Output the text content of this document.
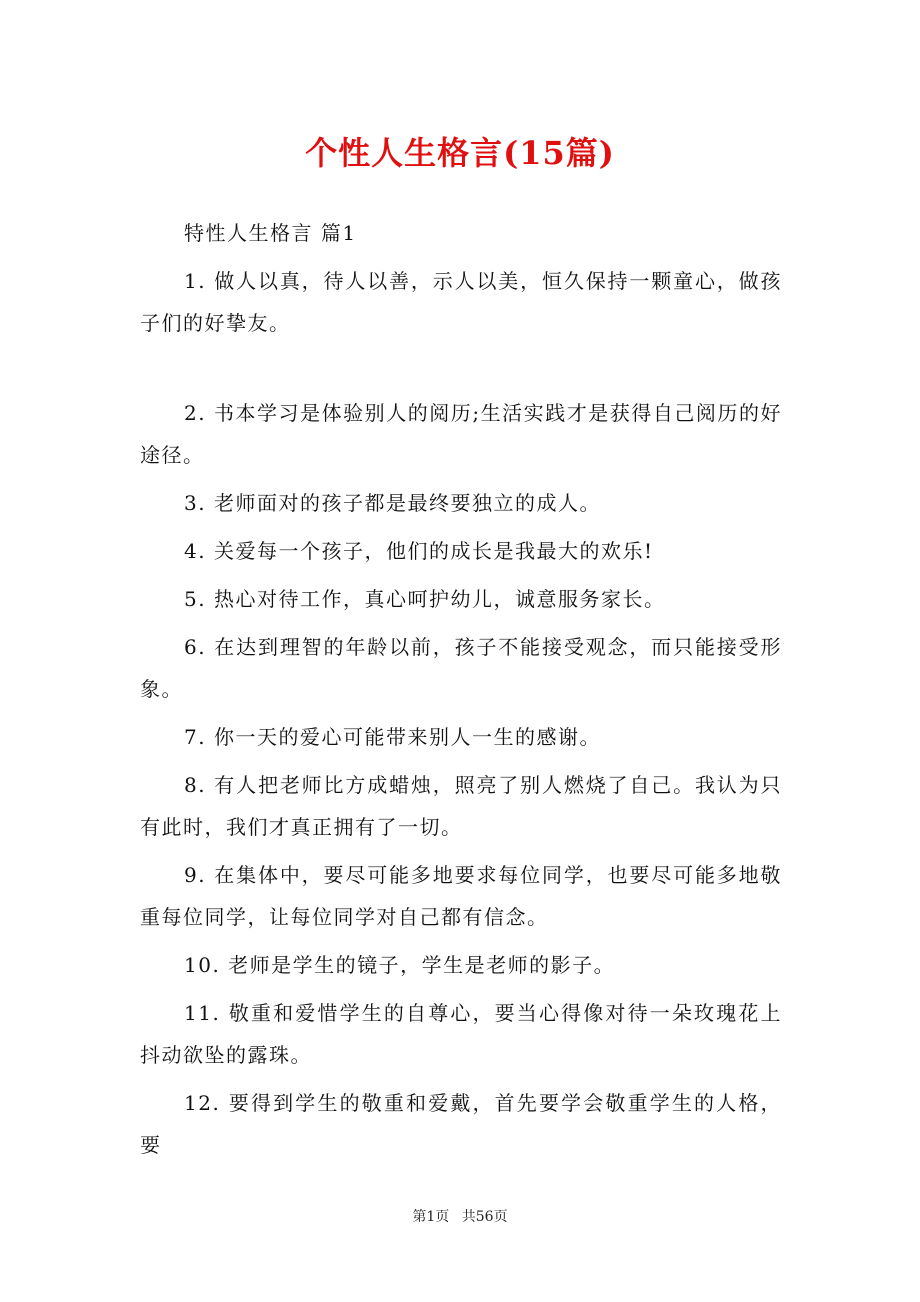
个性人生格言(15篇)

特性人生格言 篇1

1. 做人以真，待人以善，示人以美，恒久保持一颗童心，做孩子们的好挚友。

2. 书本学习是体验别人的阅历;生活实践才是获得自己阅历的好途径。

3. 老师面对的孩子都是最终要独立的成人。

4. 关爱每一个孩子，他们的成长是我最大的欢乐!

5. 热心对待工作，真心呵护幼儿，诚意服务家长。

6. 在达到理智的年龄以前，孩子不能接受观念，而只能接受形象。

7. 你一天的爱心可能带来别人一生的感谢。

8. 有人把老师比方成蜡烛，照亮了别人燃烧了自己。我认为只有此时，我们才真正拥有了一切。

9. 在集体中，要尽可能多地要求每位同学，也要尽可能多地敬重每位同学，让每位同学对自己都有信念。

10. 老师是学生的镜子，学生是老师的影子。

11. 敬重和爱惜学生的自尊心，要当心得像对待一朵玫瑰花上抖动欲坠的露珠。

12. 要得到学生的敬重和爱戴，首先要学会敬重学生的人格，要

第1页 共56页
